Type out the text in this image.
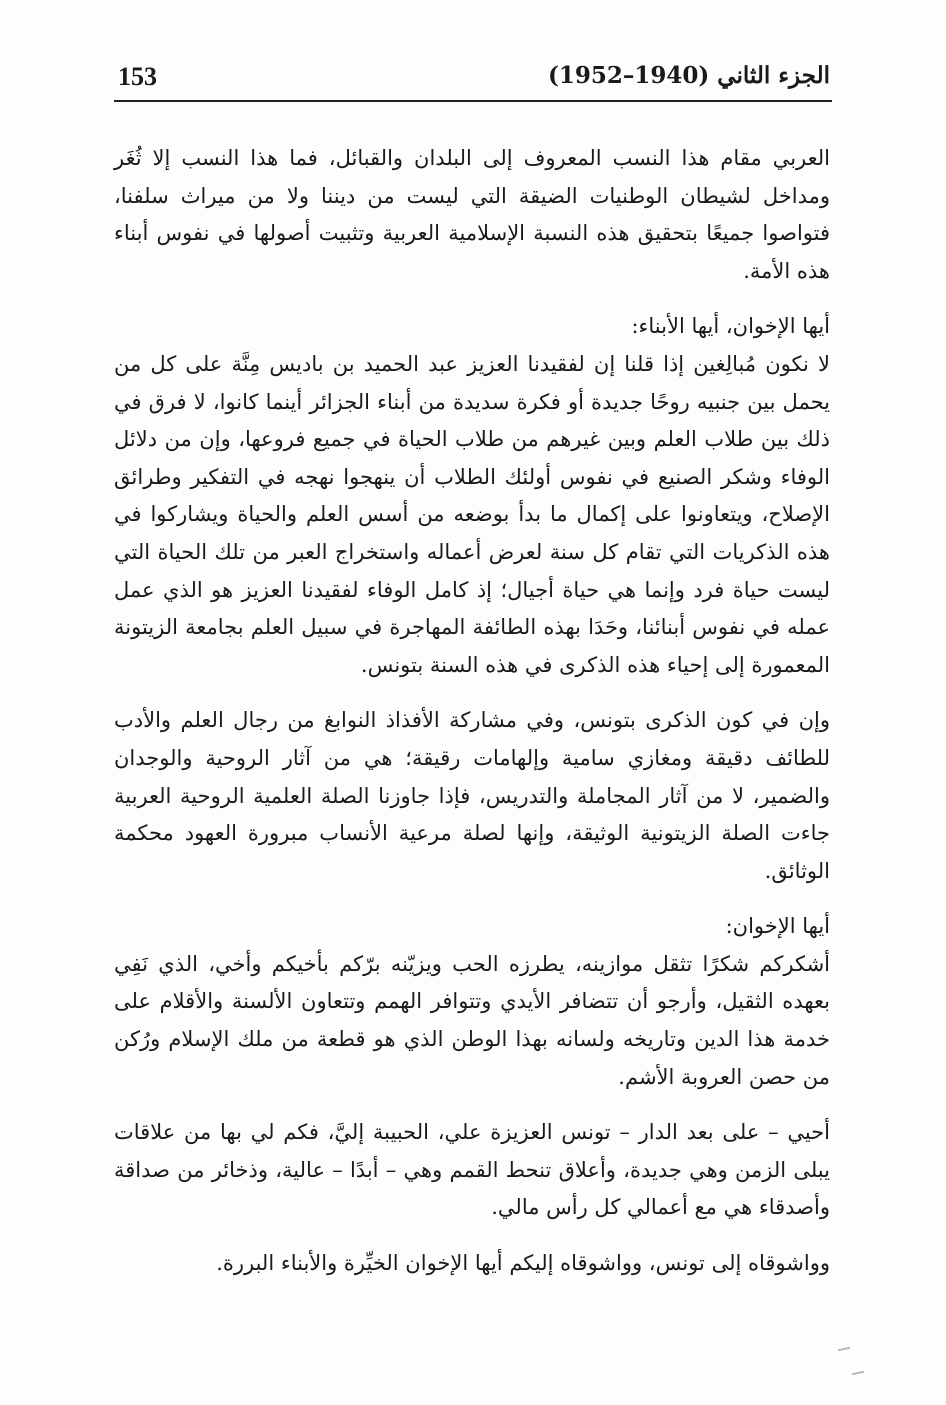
153	الجزء الثاني (1940–1952)

العربي مقام هذا النسب المعروف إلى البلدان والقبائل، فما هذا النسب إلا ثُغَر ومداخل لشيطان الوطنيات الضيقة التي ليست من ديننا ولا من ميراث سلفنا، فتواصوا جميعًا بتحقيق هذه النسبة الإسلامية العربية وتثبيت أصولها في نفوس أبناء هذه الأمة.

أيها الإخوان، أيها الأبناء:

لا نكون مُبالِغين إذا قلنا إن لفقيدنا العزيز عبد الحميد بن باديس مِنَّة على كل من يحمل بين جنبيه روحًا جديدة أو فكرة سديدة من أبناء الجزائر أينما كانوا، لا فرق في ذلك بين طلاب العلم وبين غيرهم من طلاب الحياة في جميع فروعها، وإن من دلائل الوفاء وشكر الصنيع في نفوس أولئك الطلاب أن ينهجوا نهجه في التفكير وطرائق الإصلاح، ويتعاونوا على إكمال ما بدأ بوضعه من أسس العلم والحياة ويشاركوا في هذه الذكريات التي تقام كل سنة لعرض أعماله واستخراج العبر من تلك الحياة التي ليست حياة فرد وإنما هي حياة أجيال؛ إذ كامل الوفاء لفقيدنا العزيز هو الذي عمل عمله في نفوس أبنائنا، وحَدَا بهذه الطائفة المهاجرة في سبيل العلم بجامعة الزيتونة المعمورة إلى إحياء هذه الذكرى في هذه السنة بتونس.

وإن في كون الذكرى بتونس، وفي مشاركة الأفذاذ النوابغ من رجال العلم والأدب للطائف دقيقة ومغازي سامية وإلهامات رقيقة؛ هي من آثار الروحية والوجدان والضمير، لا من آثار المجاملة والتدريس، فإذا جاوزنا الصلة العلمية الروحية العربية جاءت الصلة الزيتونية الوثيقة، وإنها لصلة مرعية الأنساب مبرورة العهود محكمة الوثائق.

أيها الإخوان:

أشكركم شكرًا تثقل موازينه، يطرزه الحب ويزيّنه برّكم بأخيكم وأخي، الذي نَفِي بعهده الثقيل، وأرجو أن تتضافر الأيدي وتتوافر الهمم وتتعاون الألسنة والأقلام على خدمة هذا الدين وتاريخه ولسانه بهذا الوطن الذي هو قطعة من ملك الإسلام ورُكن من حصن العروبة الأشم.

أحيي – على بعد الدار – تونس العزيزة علي، الحبيبة إليَّ، فكم لي بها من علاقات يبلى الزمن وهي جديدة، وأعلاق تنحط القمم وهي – أبدًا – عالية، وذخائر من صداقة وأصدقاء هي مع أعمالي كل رأس مالي.

وواشوقاه إلى تونس، وواشوقاه إليكم أيها الإخوان الخيِّرة والأبناء البررة.
